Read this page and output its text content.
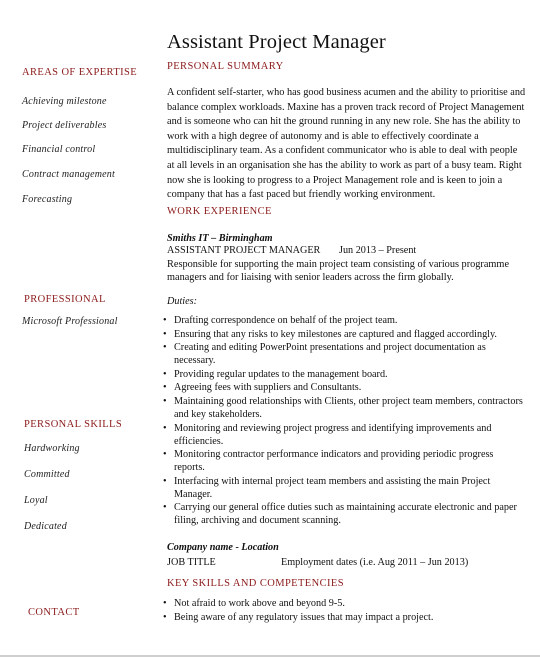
Assistant Project Manager
AREAS OF EXPERTISE
Achieving milestone
Project deliverables
Financial control
Contract management
Forecasting
PROFESSIONAL
Microsoft Professional
PERSONAL SKILLS
Hardworking
Committed
Loyal
Dedicated
CONTACT
PERSONAL SUMMARY

A confident self-starter, who has good business acumen and the ability to prioritise and balance complex workloads. Maxine has a proven track record of Project Management and is someone who can hit the ground running in any new role. She has the ability to work with a high degree of autonomy and is able to effectively coordinate a multidisciplinary team. As a confident communicator who is able to deal with people at all levels in an organisation she has the ability to work as part of a busy team. Right now she is looking to progress to a Project Management role and is keen to join a company that has a fast paced but friendly working environment.

WORK EXPERIENCE
Smiths IT – Birmingham
ASSISTANT PROJECT MANAGER Jun 2013 – Present

Responsible for supporting the main project team consisting of various programme managers and for liaising with senior leaders across the firm globally.

Duties:
• Drafting correspondence on behalf of the project team.
• Ensuring that any risks to key milestones are captured and flagged accordingly.
• Creating and editing PowerPoint presentations and project documentation as necessary.
• Providing regular updates to the management board.
• Agreeing fees with suppliers and Consultants.
• Maintaining good relationships with Clients, other project team members, contractors and key stakeholders.
• Monitoring and reviewing project progress and identifying improvements and efficiencies.
• Monitoring contractor performance indicators and providing periodic progress reports.
• Interfacing with internal project team members and assisting the main Project Manager.
• Carrying our general office duties such as maintaining accurate electronic and paper filing, archiving and document scanning.
Company name - Location
JOB TITLE	Employment dates (i.e. Aug 2011 – Jun 2013)
KEY SKILLS AND COMPETENCIES
• Not afraid to work above and beyond 9-5.
• Being aware of any regulatory issues that may impact a project.
